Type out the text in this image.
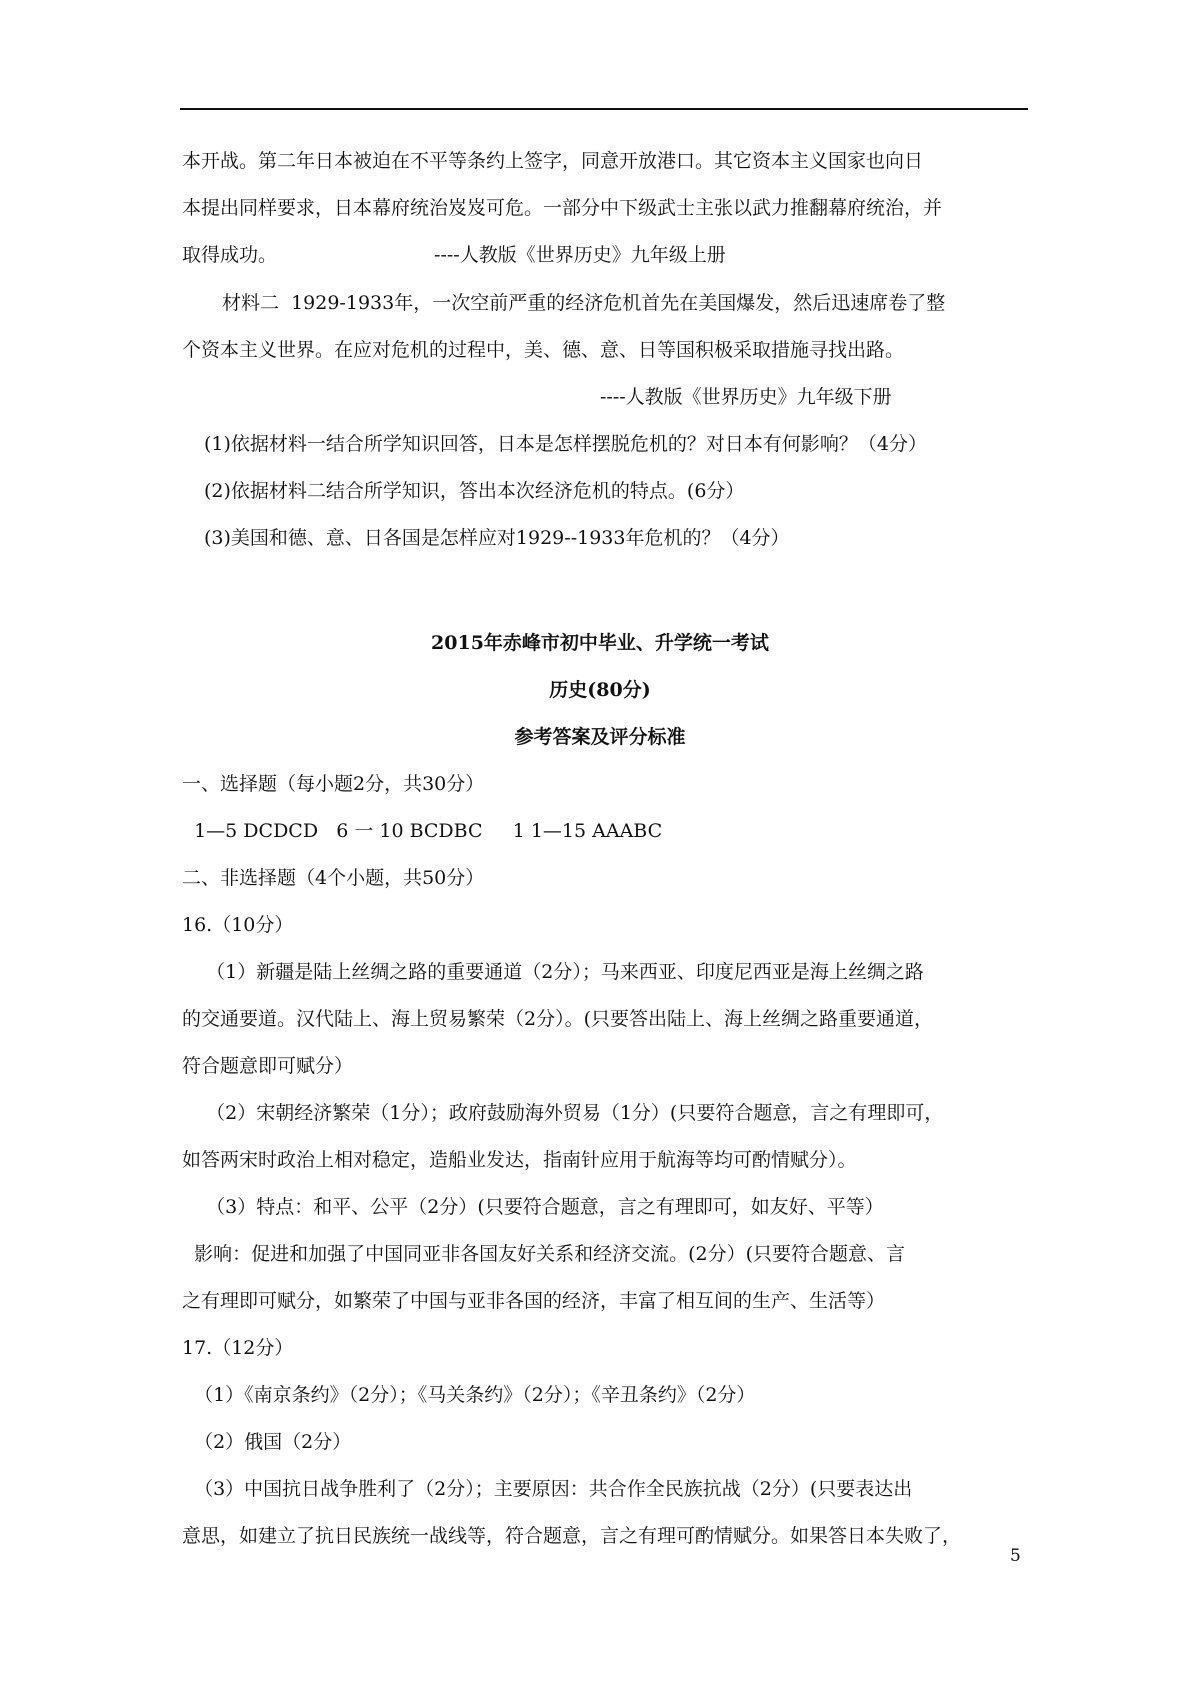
本开战。第二年日本被迫在不平等条约上签字，同意开放港口。其它资本主义国家也向日
本提出同样要求，日本幕府统治岌岌可危。一部分中下级武士主张以武力推翻幕府统治，并
取得成功。                          ----人教版《世界历史》九年级上册
材料二  1929-1933年，一次空前严重的经济危机首先在美国爆发，然后迅速席卷了整
个资本主义世界。在应对危机的过程中，美、德、意、日等国积极采取措施寻找出路。
----人教版《世界历史》九年级下册
(1)依据材料一结合所学知识回答，日本是怎样摆脱危机的？对日本有何影响？（4分）
(2)依据材料二结合所学知识，答出本次经济危机的特点。(6分）
(3)美国和德、意、日各国是怎样应对1929--1933年危机的？（4分）
2015年赤峰市初中毕业、升学统一考试
历史(80分)
参考答案及评分标准
一、选择题（每小题2分，共30分）
1—5 DCDCD   6 一 10 BCDBC     1 1—15 AAABC
二、非选择题（4个小题，共50分）
16.（10分）
（1）新疆是陆上丝绸之路的重要通道（2分）；马来西亚、印度尼西亚是海上丝绸之路
的交通要道。汉代陆上、海上贸易繁荣（2分）。(只要答出陆上、海上丝绸之路重要通道，
符合题意即可赋分）
（2）宋朝经济繁荣（1分）；政府鼓励海外贸易（1分）(只要符合题意，言之有理即可，
如答两宋时政治上相对稳定，造船业发达，指南针应用于航海等均可酌情赋分）。
（3）特点：和平、公平（2分）(只要符合题意，言之有理即可，如友好、平等）
影响：促进和加强了中国同亚非各国友好关系和经济交流。(2分）(只要符合题意、言
之有理即可赋分，如繁荣了中国与亚非各国的经济，丰富了相互间的生产、生活等）
17.（12分）
（1）《南京条约》（2分）；《马关条约》（2分）；《辛丑条约》（2分）
（2）俄国（2分）
（3）中国抗日战争胜利了（2分）；主要原因：共合作全民族抗战（2分）(只要表达出
意思，如建立了抗日民族统一战线等，符合题意，言之有理可酌情赋分。如果答日本失败了，
5
